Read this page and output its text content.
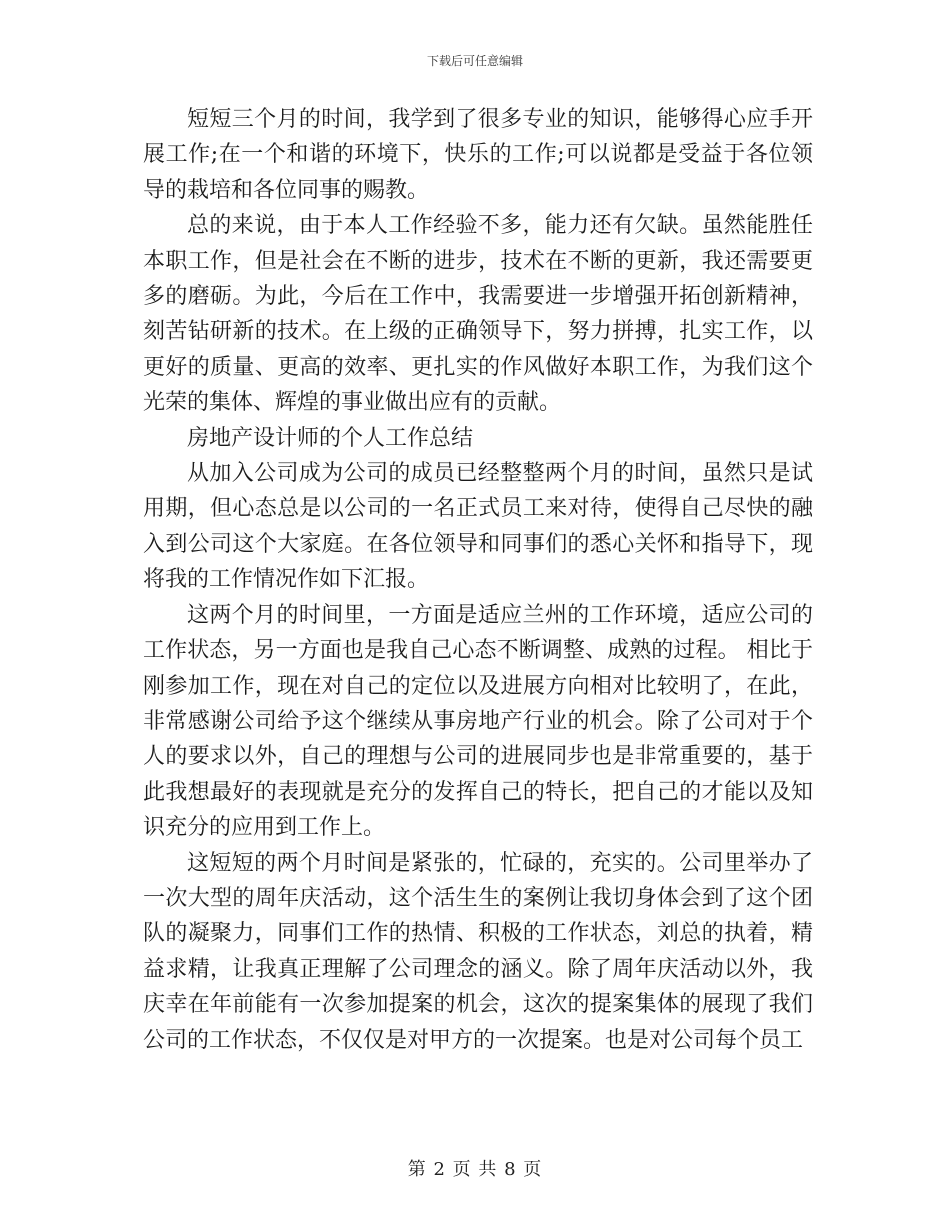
下载后可任意编辑

短短三个月的时间，我学到了很多专业的知识，能够得心应手开展工作;在一个和谐的环境下，快乐的工作;可以说都是受益于各位领导的栽培和各位同事的赐教。

总的来说，由于本人工作经验不多，能力还有欠缺。虽然能胜任本职工作，但是社会在不断的进步，技术在不断的更新，我还需要更多的磨砺。为此，今后在工作中，我需要进一步增强开拓创新精神，刻苦钻研新的技术。在上级的正确领导下，努力拼搏，扎实工作，以更好的质量、更高的效率、更扎实的作风做好本职工作，为我们这个光荣的集体、辉煌的事业做出应有的贡献。

房地产设计师的个人工作总结

从加入公司成为公司的成员已经整整两个月的时间，虽然只是试用期，但心态总是以公司的一名正式员工来对待，使得自己尽快的融入到公司这个大家庭。在各位领导和同事们的悉心关怀和指导下，现将我的工作情况作如下汇报。

这两个月的时间里，一方面是适应兰州的工作环境，适应公司的工作状态，另一方面也是我自己心态不断调整、成熟的过程。 相比于刚参加工作，现在对自己的定位以及进展方向相对比较明了，在此，非常感谢公司给予这个继续从事房地产行业的机会。除了公司对于个人的要求以外，自己的理想与公司的进展同步也是非常重要的，基于此我想最好的表现就是充分的发挥自己的特长，把自己的才能以及知识充分的应用到工作上。

这短短的两个月时间是紧张的，忙碌的，充实的。公司里举办了一次大型的周年庆活动，这个活生生的案例让我切身体会到了这个团队的凝聚力，同事们工作的热情、积极的工作状态，刘总的执着，精益求精，让我真正理解了公司理念的涵义。除了周年庆活动以外，我庆幸在年前能有一次参加提案的机会，这次的提案集体的展现了我们公司的工作状态，不仅仅是对甲方的一次提案。也是对公司每个员工

第 2 页 共 8 页
